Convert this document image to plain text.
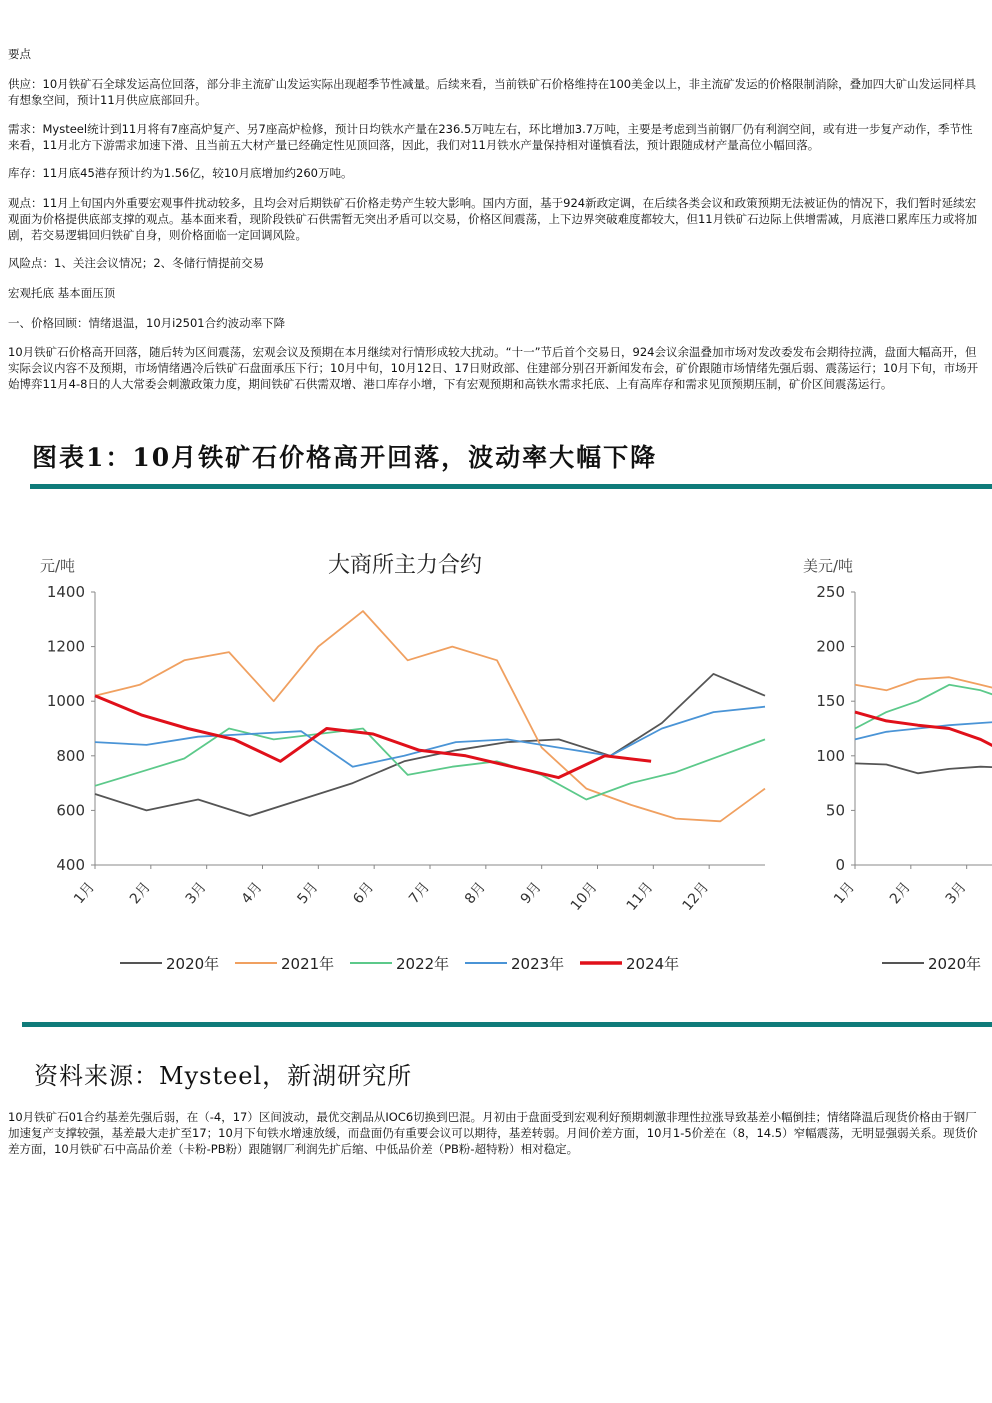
要点

供应：10月铁矿石全球发运高位回落，部分非主流矿山发运实际出现超季节性减量。后续来看，当前铁矿石价格维持在100美金以上，非主流矿发运的价格限制消除，叠加四大矿山发运同样具有想象空间，预计11月供应底部回升。

需求：Mysteel统计到11月将有7座高炉复产、另7座高炉检修，预计日均铁水产量在236.5万吨左右，环比增加3.7万吨，主要是考虑到当前钢厂仍有利润空间，或有进一步复产动作，季节性来看，11月北方下游需求加速下滑、且当前五大材产量已经确定性见顶回落，因此，我们对11月铁水产量保持相对谨慎看法，预计跟随成材产量高位小幅回落。

库存：11月底45港存预计约为1.56亿，较10月底增加约260万吨。

观点：11月上旬国内外重要宏观事件扰动较多，且均会对后期铁矿石价格走势产生较大影响。国内方面，基于924新政定调，在后续各类会议和政策预期无法被证伪的情况下，我们暂时延续宏观面为价格提供底部支撑的观点。基本面来看，现阶段铁矿石供需暂无突出矛盾可以交易，价格区间震荡，上下边界突破难度都较大，但11月铁矿石边际上供增需减，月底港口累库压力或将加剧，若交易逻辑回归铁矿自身，则价格面临一定回调风险。

风险点：1、关注会议情况；2、冬储行情提前交易

宏观托底 基本面压顶

一、价格回顾：情绪退温，10月i2501合约波动率下降

10月铁矿石价格高开回落，随后转为区间震荡，宏观会议及预期在本月继续对行情形成较大扰动。“十一”节后首个交易日，924会议余温叠加市场对发改委发布会期待拉满，盘面大幅高开，但实际会议内容不及预期，市场情绪遇冷后铁矿石盘面承压下行；10月中旬，10月12日、17日财政部、住建部分别召开新闻发布会，矿价跟随市场情绪先强后弱、震荡运行；10月下旬，市场开始博弈11月4-8日的人大常委会刺激政策力度，期间铁矿石供需双增、港口库存小增，下有宏观预期和高铁水需求托底、上有高库存和需求见顶预期压制，矿价区间震荡运行。

图表1：10月铁矿石价格高开回落，波动率大幅下降
大商所主力合约
元/吨
400
600
800
1000
1200
1400
1月 2月 3月 4月 5月 6月 7月 8月 9月 10月 11月 12月
2020年	2021年	2022年	2023年	2024年
美元/吨
0
50
100
150
200
250
1月 2月 3月
2020年
资料来源：Mysteel，新湖研究所

10月铁矿石01合约基差先强后弱，在（-4，17）区间波动，最优交割品从IOC6切换到巴混。月初由于盘面受到宏观利好预期刺激非理性拉涨导致基差小幅倒挂；情绪降温后现货价格由于钢厂加速复产支撑较强，基差最大走扩至17；10月下旬铁水增速放缓，而盘面仍有重要会议可以期待，基差转弱。月间价差方面，10月1-5价差在（8，14.5）窄幅震荡，无明显强弱关系。现货价差方面，10月铁矿石中高品价差（卡粉-PB粉）跟随钢厂利润先扩后缩、中低品价差（PB粉-超特粉）相对稳定。
